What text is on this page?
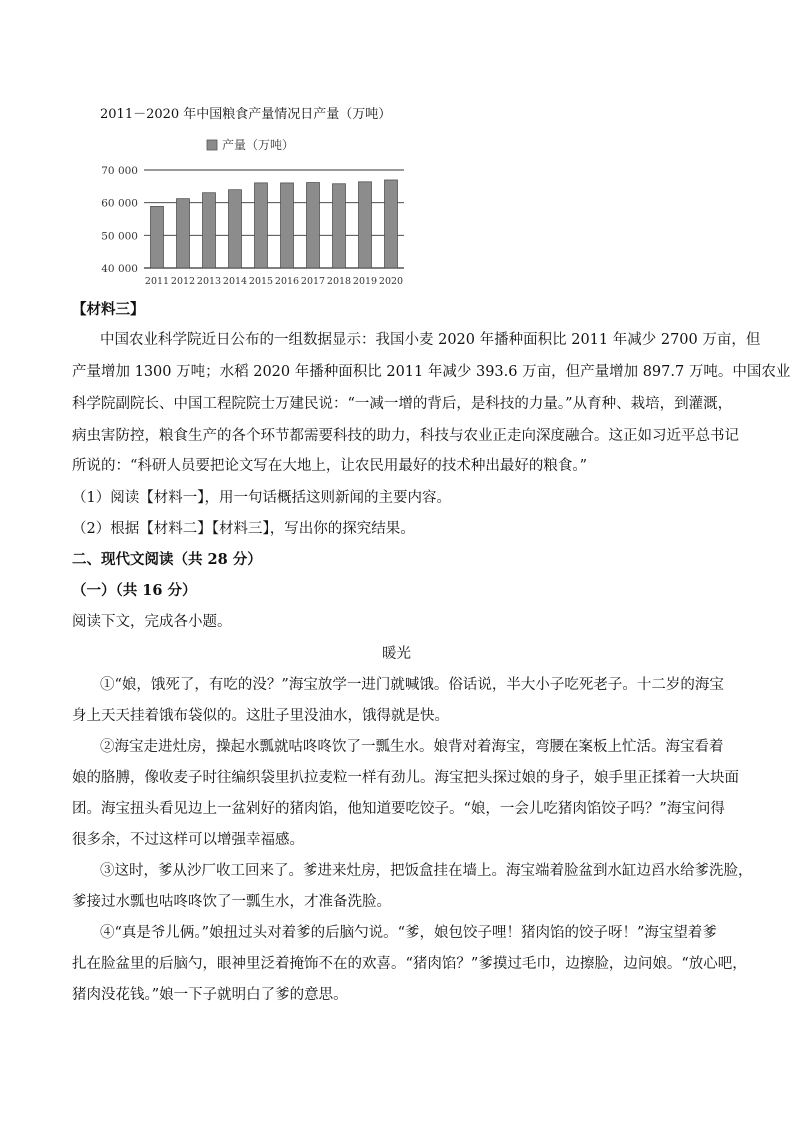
2011－2020 年中国粮食产量情况日产量（万吨）
产量（万吨）
70 000
60 000
50 000
40 000
2011 2012 2013 2014 2015 2016 2017 2018 2019 2020
【材料三】
中国农业科学院近日公布的一组数据显示：我国小麦 2020 年播种面积比 2011 年减少 2700 万亩，但
产量增加 1300 万吨；水稻 2020 年播种面积比 2011 年减少 393.6 万亩，但产量增加 897.7 万吨。中国农业
科学院副院长、中国工程院院士万建民说：“一减一增的背后，是科技的力量。”从育种、栽培，到灌溉，
病虫害防控，粮食生产的各个环节都需要科技的助力，科技与农业正走向深度融合。这正如习近平总书记
所说的：“科研人员要把论文写在大地上，让农民用最好的技术种出最好的粮食。”
（1）阅读【材料一】，用一句话概括这则新闻的主要内容。
（2）根据【材料二】【材料三】，写出你的探究结果。
二、现代文阅读（共 28 分）
（一）（共 16 分）
阅读下文，完成各小题。
暖光
①“娘，饿死了，有吃的没？”海宝放学一进门就喊饿。俗话说，半大小子吃死老子。十二岁的海宝
身上天天挂着饿布袋似的。这肚子里没油水，饿得就是快。
②海宝走进灶房，操起水瓢就咕咚咚饮了一瓢生水。娘背对着海宝，弯腰在案板上忙活。海宝看着
娘的胳膊，像收麦子时往编织袋里扒拉麦粒一样有劲儿。海宝把头探过娘的身子，娘手里正揉着一大块面
团。海宝扭头看见边上一盆剁好的猪肉馅，他知道要吃饺子。“娘，一会儿吃猪肉馅饺子吗？”海宝问得
很多余，不过这样可以增强幸福感。
③这时，爹从沙厂收工回来了。爹进来灶房，把饭盒挂在墙上。海宝端着脸盆到水缸边舀水给爹洗脸，
爹接过水瓢也咕咚咚饮了一瓢生水，才准备洗脸。
④“真是爷儿俩。”娘扭过头对着爹的后脑勺说。“爹，娘包饺子哩！猪肉馅的饺子呀！”海宝望着爹
扎在脸盆里的后脑勺，眼神里泛着掩饰不在的欢喜。“猪肉馅？”爹摸过毛巾，边擦脸，边问娘。“放心吧，
猪肉没花钱。”娘一下子就明白了爹的意思。
